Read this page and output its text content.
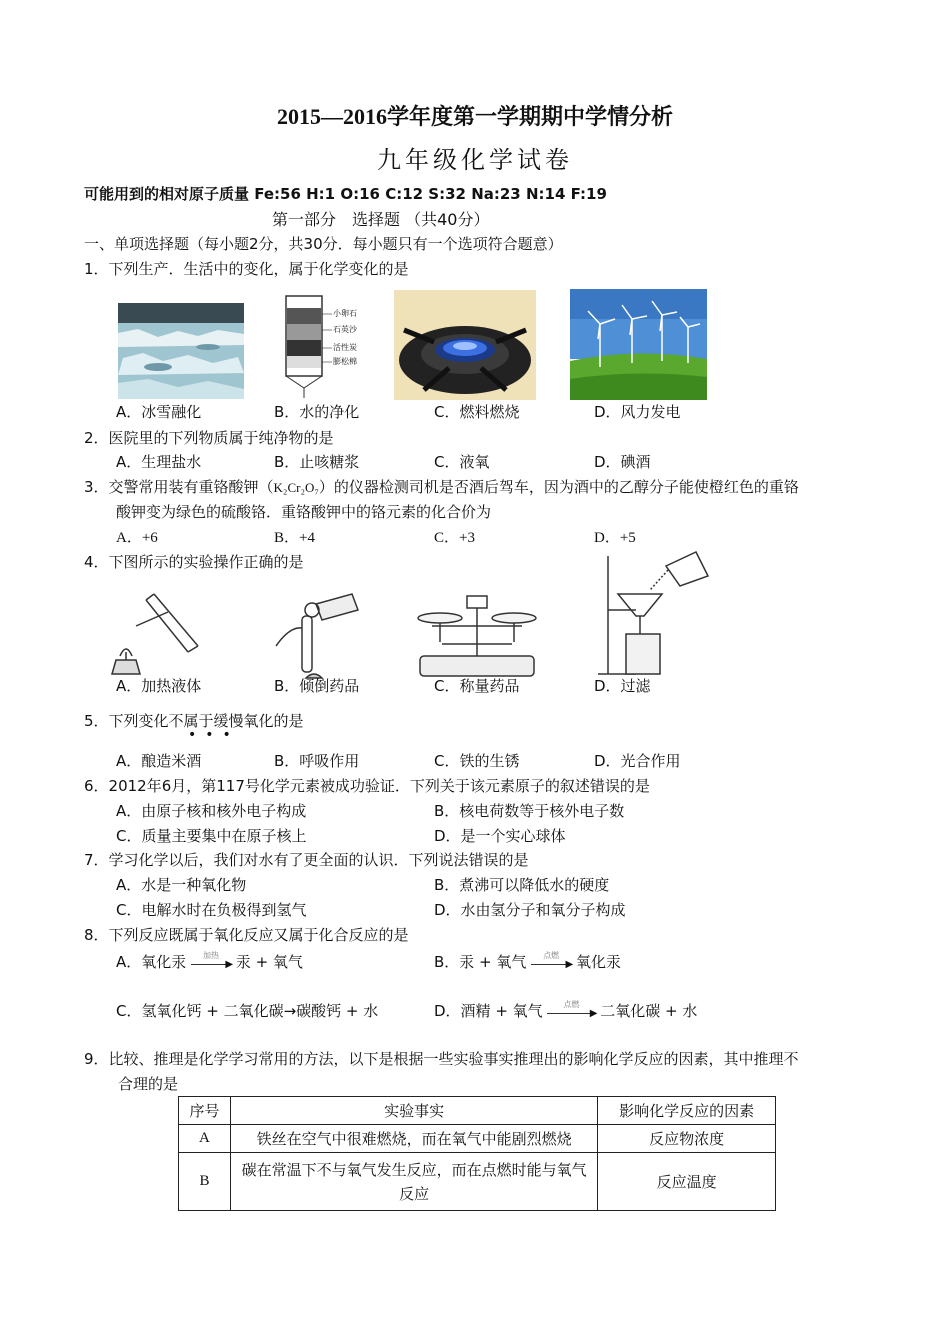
2015—2016学年度第一学期期中学情分析
九年级化学试卷
可能用到的相对原子质量 Fe:56 H:1 O:16 C:12 S:32 Na:23 N:14 F:19
第一部分　选择题 （共40分）
一、单项选择题（每小题2分，共30分．每小题只有一个选项符合题意）
1．下列生产．生活中的变化，属于化学变化的是
小卵石
石英沙
活性炭
膨松棉
A．冰雪融化	B．水的净化	C．燃料燃烧	D．风力发电
2．医院里的下列物质属于纯净物的是
A．生理盐水	B．止咳糖浆	C．液氧	D．碘酒
3．交警常用装有重铬酸钾（K₂Cr₂O₇）的仪器检测司机是否酒后驾车，因为酒中的乙醇分子能使橙红色的重铬
酸钾变为绿色的硫酸铬．重铬酸钾中的铬元素的化合价为
A．+6	B．+4	C．+3	D．+5
4．下图所示的实验操作正确的是
A．加热液体	B．倾倒药品	C．称量药品	D．过滤
5．下列变化不属于缓慢氧化的是
•••
A．酿造米酒	B．呼吸作用	C．铁的生锈	D．光合作用
6．2012年6月，第117号化学元素被成功验证．下列关于该元素原子的叙述错误的是
A．由原子核和核外电子构成	B．核电荷数等于核外电子数
C．质量主要集中在原子核上	D．是一个实心球体
7．学习化学以后，我们对水有了更全面的认识．下列说法错误的是
A．水是一种氧化物	B．煮沸可以降低水的硬度
C．电解水时在负极得到氢气	D．水由氢分子和氧分子构成
8．下列反应既属于氧化反应又属于化合反应的是
A．氧化汞	加热
▶ 汞 + 氧气	B．汞 + 氧气	点燃
▶ 氧化汞
C．氢氧化钙 + 二氧化碳→碳酸钙 + 水	D．酒精 + 氧气	点燃
▶ 二氧化碳 + 水
9．比较、推理是化学学习常用的方法，以下是根据一些实验事实推理出的影响化学反应的因素，其中推理不
合理的是
序号	实验事实	影响化学反应的因素
A	铁丝在空气中很难燃烧，而在氧气中能剧烈燃烧	反应物浓度
B	碳在常温下不与氧气发生反应，而在点燃时能与氧气反应	反应温度
